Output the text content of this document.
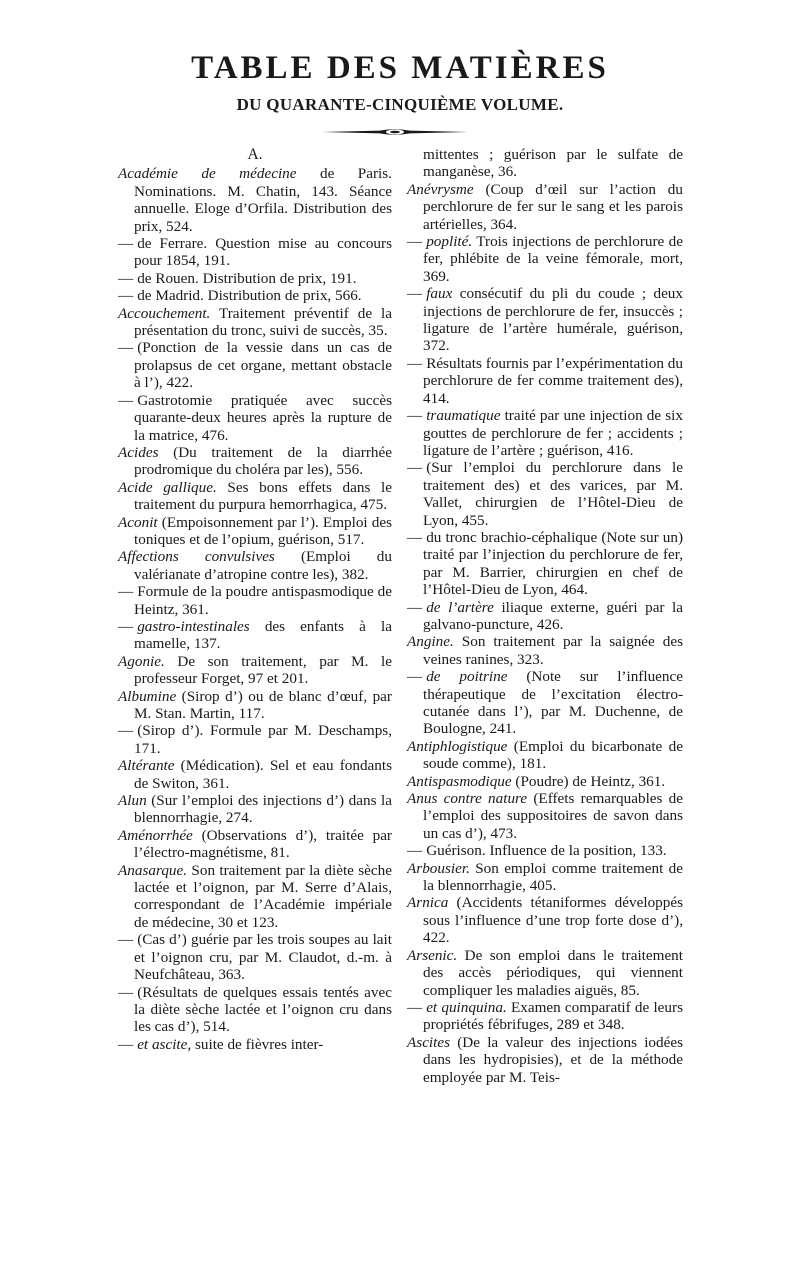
TABLE DES MATIÈRES
DU QUARANTE-CINQUIÈME VOLUME.
A.

Académie de médecine de Paris. Nominations. M. Chatin, 143. Séance annuelle. Eloge d’Orfila. Distribution des prix, 524.

— de Ferrare. Question mise au concours pour 1854, 191.

— de Rouen. Distribution de prix, 191.

— de Madrid. Distribution de prix, 566.

Accouchement. Traitement préventif de la présentation du tronc, suivi de succès, 35.

— (Ponction de la vessie dans un cas de prolapsus de cet organe, mettant obstacle à l’), 422.

— Gastrotomie pratiquée avec succès quarante-deux heures après la rupture de la matrice, 476.

Acides (Du traitement de la diarrhée prodromique du choléra par les), 556.

Acide gallique. Ses bons effets dans le traitement du purpura hemorrhagica, 475.

Aconit (Empoisonnement par l’). Emploi des toniques et de l’opium, guérison, 517.

Affections convulsives (Emploi du valérianate d’atropine contre les), 382.

— Formule de la poudre antispasmodique de Heintz, 361.

— gastro-intestinales des enfants à la mamelle, 137.

Agonie. De son traitement, par M. le professeur Forget, 97 et 201.

Albumine (Sirop d’) ou de blanc d’œuf, par M. Stan. Martin, 117.

— (Sirop d’). Formule par M. Deschamps, 171.

Altérante (Médication). Sel et eau fondants de Switon, 361.

Alun (Sur l’emploi des injections d’) dans la blennorrhagie, 274.

Aménorrhée (Observations d’), traitée par l’électro-magnétisme, 81.

Anasarque. Son traitement par la diète sèche lactée et l’oignon, par M. Serre d’Alais, correspondant de l’Académie impériale de médecine, 30 et 123.

— (Cas d’) guérie par les trois soupes au lait et l’oignon cru, par M. Claudot, d.-m. à Neufchâteau, 363.

— (Résultats de quelques essais tentés avec la diète sèche lactée et l’oignon cru dans les cas d’), 514.

— et ascite, suite de fièvres inter-

mittentes ; guérison par le sulfate de manganèse, 36.

Anévrysme (Coup d’œil sur l’action du perchlorure de fer sur le sang et les parois artérielles, 364.

— poplité. Trois injections de perchlorure de fer, phlébite de la veine fémorale, mort, 369.

— faux consécutif du pli du coude ; deux injections de perchlorure de fer, insuccès ; ligature de l’artère humérale, guérison, 372.

— Résultats fournis par l’expérimentation du perchlorure de fer comme traitement des), 414.

— traumatique traité par une injection de six gouttes de perchlorure de fer ; accidents ; ligature de l’artère ; guérison, 416.

— (Sur l’emploi du perchlorure dans le traitement des) et des varices, par M. Vallet, chirurgien de l’Hôtel-Dieu de Lyon, 455.

— du tronc brachio-céphalique (Note sur un) traité par l’injection du perchlorure de fer, par M. Barrier, chirurgien en chef de l’Hôtel-Dieu de Lyon, 464.

— de l’artère iliaque externe, guéri par la galvano-puncture, 426.

Angine. Son traitement par la saignée des veines ranines, 323.

— de poitrine (Note sur l’influence thérapeutique de l’excitation électro-cutanée dans l’), par M. Duchenne, de Boulogne, 241.

Antiphlogistique (Emploi du bicarbonate de soude comme), 181.

Antispasmodique (Poudre) de Heintz, 361.

Anus contre nature (Effets remarquables de l’emploi des suppositoires de savon dans un cas d’), 473.

— Guérison. Influence de la position, 133.

Arbousier. Son emploi comme traitement de la blennorrhagie, 405.

Arnica (Accidents tétaniformes développés sous l’influence d’une trop forte dose d’), 422.

Arsenic. De son emploi dans le traitement des accès périodiques, qui viennent compliquer les maladies aiguës, 85.

— et quinquina. Examen comparatif de leurs propriétés fébrifuges, 289 et 348.

Ascites (De la valeur des injections iodées dans les hydropisies), et de la méthode employée par M. Teis-
